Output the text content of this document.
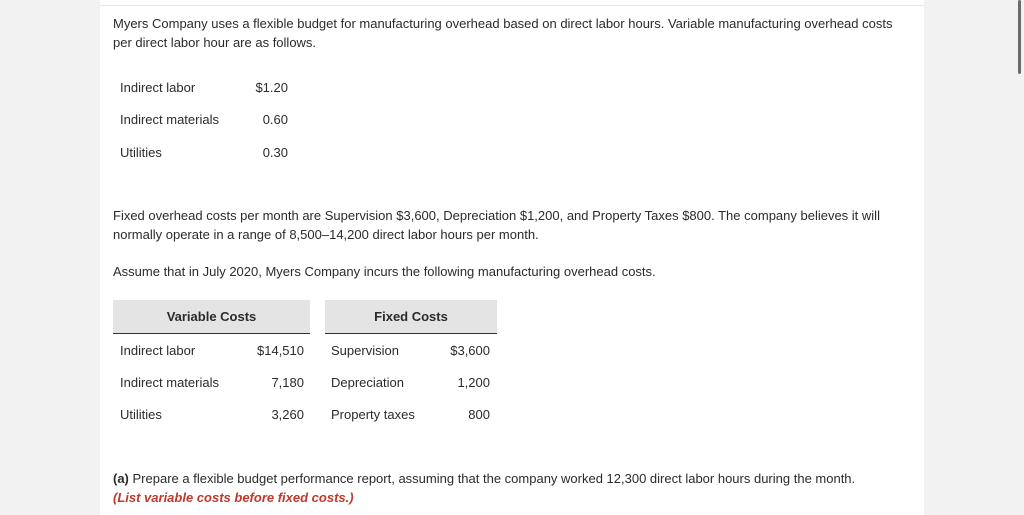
Myers Company uses a flexible budget for manufacturing overhead based on direct labor hours. Variable manufacturing overhead costs per direct labor hour are as follows.

Indirect labor	$1.20
Indirect materials	0.60
Utilities	0.30

Fixed overhead costs per month are Supervision $3,600, Depreciation $1,200, and Property Taxes $800. The company believes it will normally operate in a range of 8,500–14,200 direct labor hours per month.

Assume that in July 2020, Myers Company incurs the following manufacturing overhead costs.

Variable Costs	Fixed Costs
Indirect labor	$14,510 Supervision	$3,600
Indirect materials	7,180 Depreciation	1,200
Utilities	3,260 Property taxes	800
(a) Prepare a flexible budget performance report, assuming that the company worked 12,300 direct labor hours during the month.
(List variable costs before fixed costs.)
